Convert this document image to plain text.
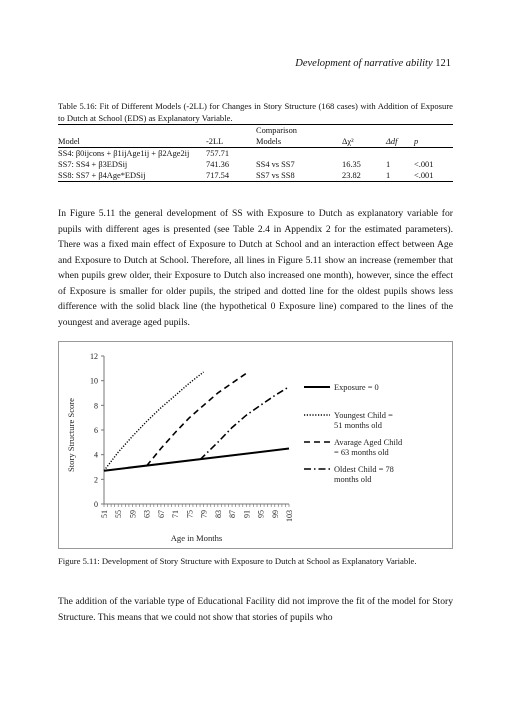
Development of narrative ability 121
Table 5.16: Fit of Different Models (-2LL) for Changes in Story Structure (168 cases) with Addition of Exposure to Dutch at School (EDS) as Explanatory Variable.
		Comparison			
Model	-2LL	Models	Δχ²	Δdf	p
SS4: β0ijcons + β1ijAge1ij + β2Age2ij	757.71				
SS7: SS4 + β3EDSij	741.36	SS4 vs SS7	16.35	1	<.001
SS8: SS7 + β4Age*EDSij	717.54	SS7 vs SS8	23.82	1	<.001

In Figure 5.11 the general development of SS with Exposure to Dutch as explanatory variable for pupils with different ages is presented (see Table 2.4 in Appendix 2 for the estimated parameters). There was a fixed main effect of Exposure to Dutch at School and an interaction effect between Age and Exposure to Dutch at School. Therefore, all lines in Figure 5.11 show an increase (remember that when pupils grew older, their Exposure to Dutch also increased one month), however, since the effect of Exposure is smaller for older pupils, the striped and dotted line for the oldest pupils shows less difference with the solid black line (the hypothetical 0 Exposure line) compared to the lines of the youngest and average aged pupils.

0
2
4
6
8
10
12
51 55 59 63 67 71 75 79 83 87 91 95 99 103
Age in Months
Story Structure Score
Exposure = 0
Youngest Child =
51 months old
Avarage Aged Child
= 63 months old
Oldest Child = 78
months old

Figure 5.11: Development of Story Structure with Exposure to Dutch at School as Explanatory Variable.

The addition of the variable type of Educational Facility did not improve the fit of the model for Story Structure. This means that we could not show that stories of pupils who
